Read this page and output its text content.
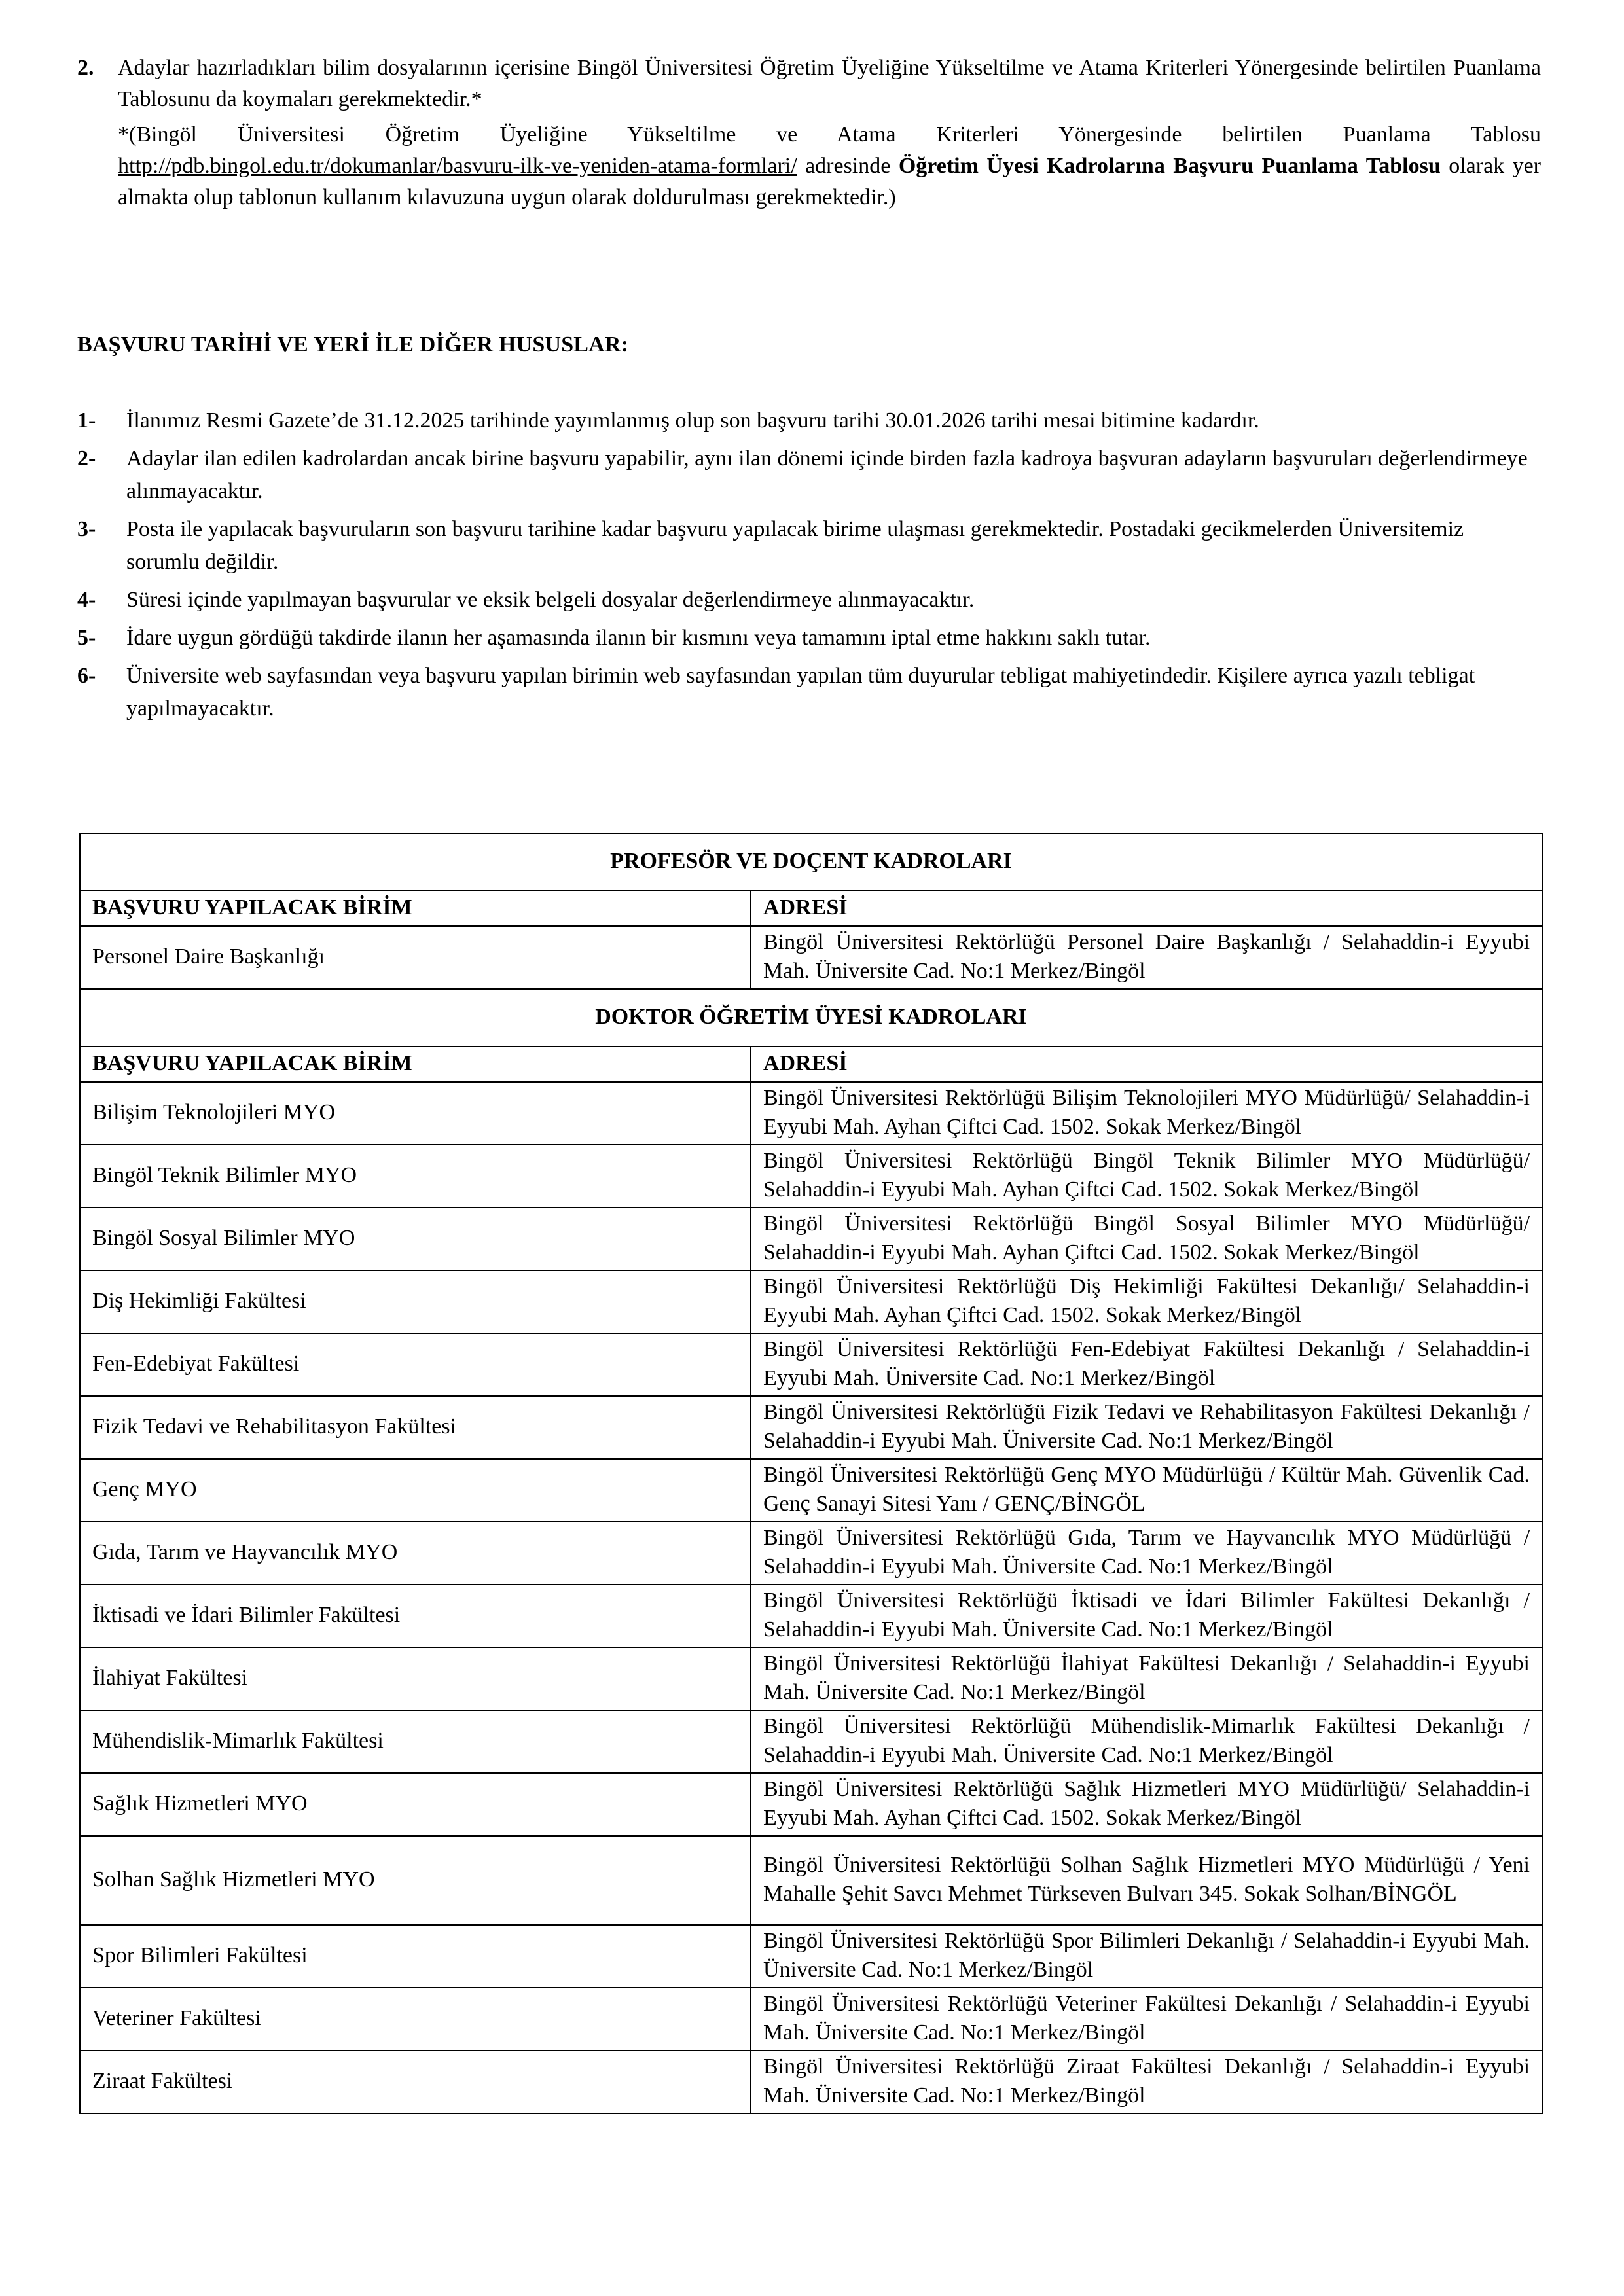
2.	Adaylar hazırladıkları bilim dosyalarının içerisine Bingöl Üniversitesi Öğretim Üyeliğine Yükseltilme ve Atama Kriterleri Yönergesinde belirtilen Puanlama Tablosunu da koymaları gerekmektedir.*
*(Bingöl Üniversitesi Öğretim Üyeliğine Yükseltilme ve Atama Kriterleri Yönergesinde belirtilen Puanlama Tablosu http://pdb.bingol.edu.tr/dokumanlar/basvuru-ilk-ve-yeniden-atama-formlari/ adresinde Öğretim Üyesi Kadrolarına Başvuru Puanlama Tablosu olarak yer almakta olup tablonun kullanım kılavuzuna uygun olarak doldurulması gerekmektedir.)
BAŞVURU TARİHİ VE YERİ İLE DİĞER HUSUSLAR:
1-	İlanımız Resmi Gazete’de 31.12.2025 tarihinde yayımlanmış olup son başvuru tarihi 30.01.2026 tarihi mesai bitimine kadardır.
2-	Adaylar ilan edilen kadrolardan ancak birine başvuru yapabilir, aynı ilan dönemi içinde birden fazla kadroya başvuran adayların başvuruları değerlendirmeye alınmayacaktır.
3-	Posta ile yapılacak başvuruların son başvuru tarihine kadar başvuru yapılacak birime ulaşması gerekmektedir. Postadaki gecikmelerden Üniversitemiz sorumlu değildir.
4-	Süresi içinde yapılmayan başvurular ve eksik belgeli dosyalar değerlendirmeye alınmayacaktır.
5-	İdare uygun gördüğü takdirde ilanın her aşamasında ilanın bir kısmını veya tamamını iptal etme hakkını saklı tutar.
6-	Üniversite web sayfasından veya başvuru yapılan birimin web sayfasından yapılan tüm duyurular tebligat mahiyetindedir. Kişilere ayrıca yazılı tebligat yapılmayacaktır.
PROFESÖR VE DOÇENT KADROLARI	
BAŞVURU YAPILACAK BİRİM	ADRESİ
Personel Daire Başkanlığı	Bingöl Üniversitesi Rektörlüğü Personel Daire Başkanlığı / Selahaddin-i Eyyubi Mah. Üniversite Cad. No:1 Merkez/Bingöl
DOKTOR ÖĞRETİM ÜYESİ KADROLARI	
BAŞVURU YAPILACAK BİRİM	ADRESİ
Bilişim Teknolojileri MYO	Bingöl Üniversitesi Rektörlüğü Bilişim Teknolojileri MYO Müdürlüğü/ Selahaddin-i Eyyubi Mah. Ayhan Çiftci Cad. 1502. Sokak Merkez/Bingöl
Bingöl Teknik Bilimler MYO	Bingöl Üniversitesi Rektörlüğü Bingöl Teknik Bilimler MYO Müdürlüğü/ Selahaddin-i Eyyubi Mah. Ayhan Çiftci Cad. 1502. Sokak Merkez/Bingöl
Bingöl Sosyal Bilimler MYO	Bingöl Üniversitesi Rektörlüğü Bingöl Sosyal Bilimler MYO Müdürlüğü/ Selahaddin-i Eyyubi Mah. Ayhan Çiftci Cad. 1502. Sokak Merkez/Bingöl
Diş Hekimliği Fakültesi	Bingöl Üniversitesi Rektörlüğü Diş Hekimliği Fakültesi Dekanlığı/ Selahaddin-i Eyyubi Mah. Ayhan Çiftci Cad. 1502. Sokak Merkez/Bingöl
Fen-Edebiyat Fakültesi	Bingöl Üniversitesi Rektörlüğü Fen-Edebiyat Fakültesi Dekanlığı / Selahaddin-i Eyyubi Mah. Üniversite Cad. No:1 Merkez/Bingöl
Fizik Tedavi ve Rehabilitasyon Fakültesi	Bingöl Üniversitesi Rektörlüğü Fizik Tedavi ve Rehabilitasyon Fakültesi Dekanlığı / Selahaddin-i Eyyubi Mah. Üniversite Cad. No:1 Merkez/Bingöl
Genç MYO	Bingöl Üniversitesi Rektörlüğü Genç MYO Müdürlüğü / Kültür Mah. Güvenlik Cad. Genç Sanayi Sitesi Yanı / GENÇ/BİNGÖL
Gıda, Tarım ve Hayvancılık MYO	Bingöl Üniversitesi Rektörlüğü Gıda, Tarım ve Hayvancılık MYO Müdürlüğü / Selahaddin-i Eyyubi Mah. Üniversite Cad. No:1 Merkez/Bingöl
İktisadi ve İdari Bilimler Fakültesi	Bingöl Üniversitesi Rektörlüğü İktisadi ve İdari Bilimler Fakültesi Dekanlığı / Selahaddin-i Eyyubi Mah. Üniversite Cad. No:1 Merkez/Bingöl
İlahiyat Fakültesi	Bingöl Üniversitesi Rektörlüğü İlahiyat Fakültesi Dekanlığı / Selahaddin-i Eyyubi Mah. Üniversite Cad. No:1 Merkez/Bingöl
Mühendislik-Mimarlık Fakültesi	Bingöl Üniversitesi Rektörlüğü Mühendislik-Mimarlık Fakültesi Dekanlığı / Selahaddin-i Eyyubi Mah. Üniversite Cad. No:1 Merkez/Bingöl
Sağlık Hizmetleri MYO	Bingöl Üniversitesi Rektörlüğü Sağlık Hizmetleri MYO Müdürlüğü/ Selahaddin-i Eyyubi Mah. Ayhan Çiftci Cad. 1502. Sokak Merkez/Bingöl
Solhan Sağlık Hizmetleri MYO	Bingöl Üniversitesi Rektörlüğü Solhan Sağlık Hizmetleri MYO Müdürlüğü / Yeni Mahalle Şehit Savcı Mehmet Türkseven Bulvarı 345. Sokak Solhan/BİNGÖL
Spor Bilimleri Fakültesi	Bingöl Üniversitesi Rektörlüğü Spor Bilimleri Dekanlığı / Selahaddin-i Eyyubi Mah. Üniversite Cad. No:1 Merkez/Bingöl
Veteriner Fakültesi	Bingöl Üniversitesi Rektörlüğü Veteriner Fakültesi Dekanlığı / Selahaddin-i Eyyubi Mah. Üniversite Cad. No:1 Merkez/Bingöl
Ziraat Fakültesi	Bingöl Üniversitesi Rektörlüğü Ziraat Fakültesi Dekanlığı / Selahaddin-i Eyyubi Mah. Üniversite Cad. No:1 Merkez/Bingöl
